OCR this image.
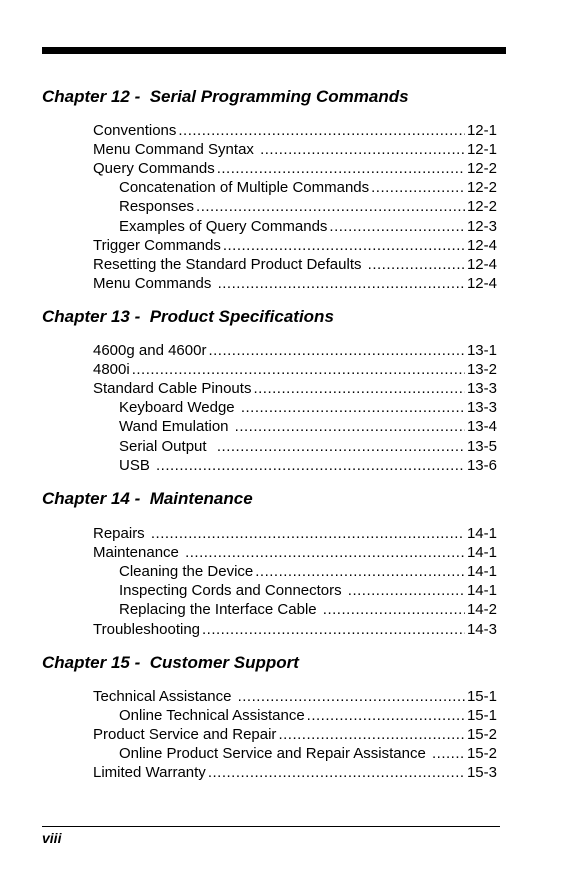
Chapter 12 -  Serial Programming Commands
Chapter 13 -  Product Specifications
Chapter 14 -  Maintenance
Chapter 15 -  Customer Support
Conventions .....	12-1
Menu Command Syntax .....	12-1
Query Commands .....	12-2
Concatenation of Multiple Commands .....	12-2
Responses .....	12-2
Examples of Query Commands .....	12-3
Trigger Commands .....	12-4
Resetting the Standard Product Defaults .....	12-4
Menu Commands .....	12-4
4600g and 4600r .....	13-1
4800i .....	13-2
Standard Cable Pinouts .....	13-3
Keyboard Wedge .....	13-3
Wand Emulation .....	13-4
Serial Output .....	13-5
USB .....	13-6
Repairs .....	14-1
Maintenance .....	14-1
Cleaning the Device .....	14-1
Inspecting Cords and Connectors .....	14-1
Replacing the Interface Cable .....	14-2
Troubleshooting .....	14-3
Technical Assistance .....	15-1
Online Technical Assistance .....	15-1
Product Service and Repair .....	15-2
Online Product Service and Repair Assistance ..... 15-2
Limited Warranty .....	15-3
viii
